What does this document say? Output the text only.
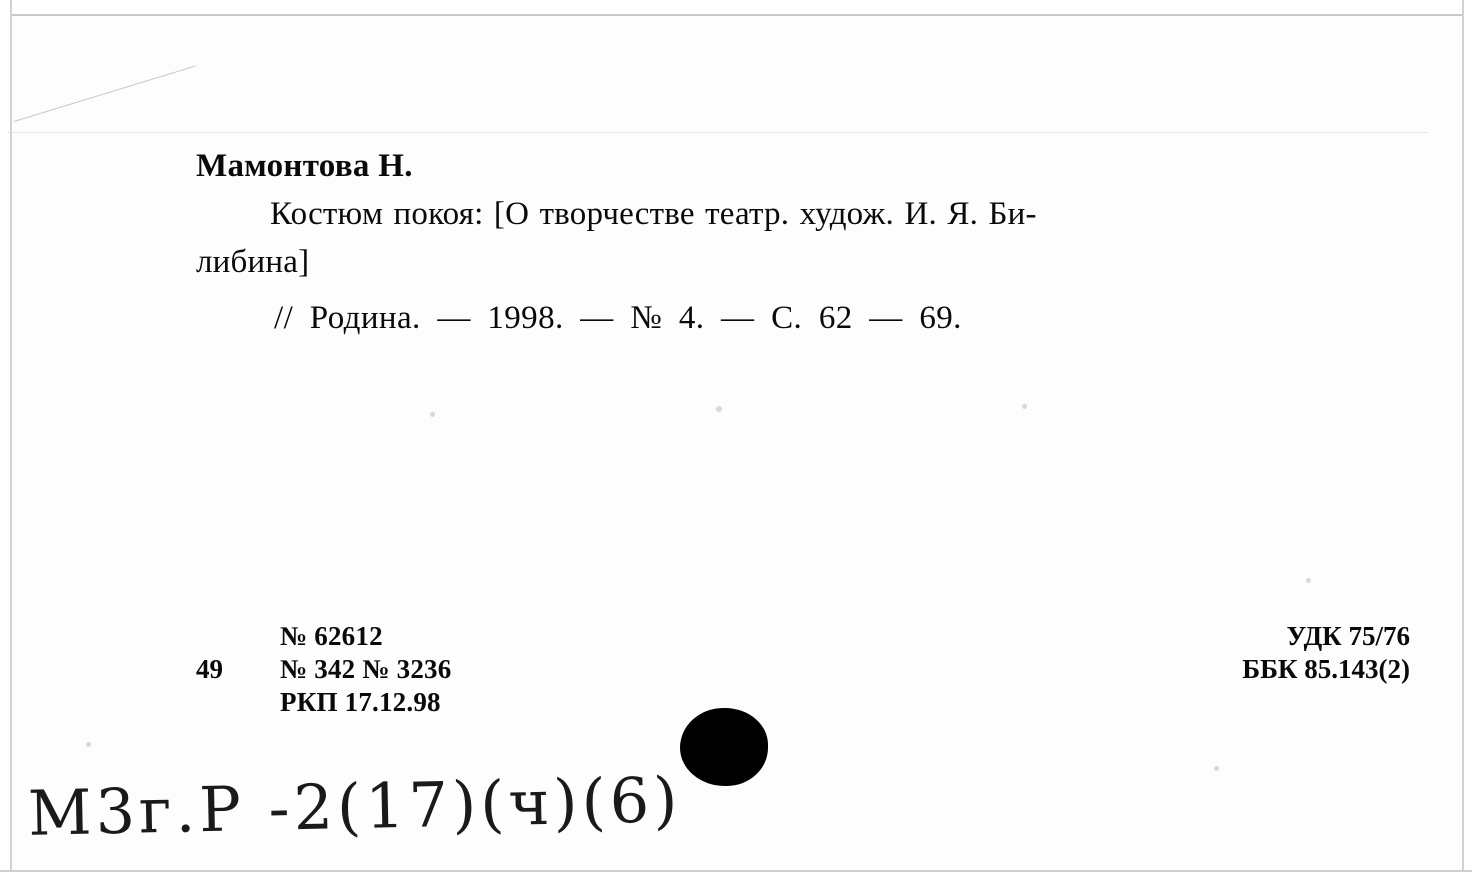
Мамонтова Н.
Костюм покоя: [О творчестве театр. худож. И. Я. Би-
либина]
// Родина. — 1998. — № 4. — С. 62 — 69.
49
№ 62612
№ 342 № 3236
РКП 17.12.98
УДК 75/76
ББК 85.143(2)
M3г.P -2(17)(ч)(6)
